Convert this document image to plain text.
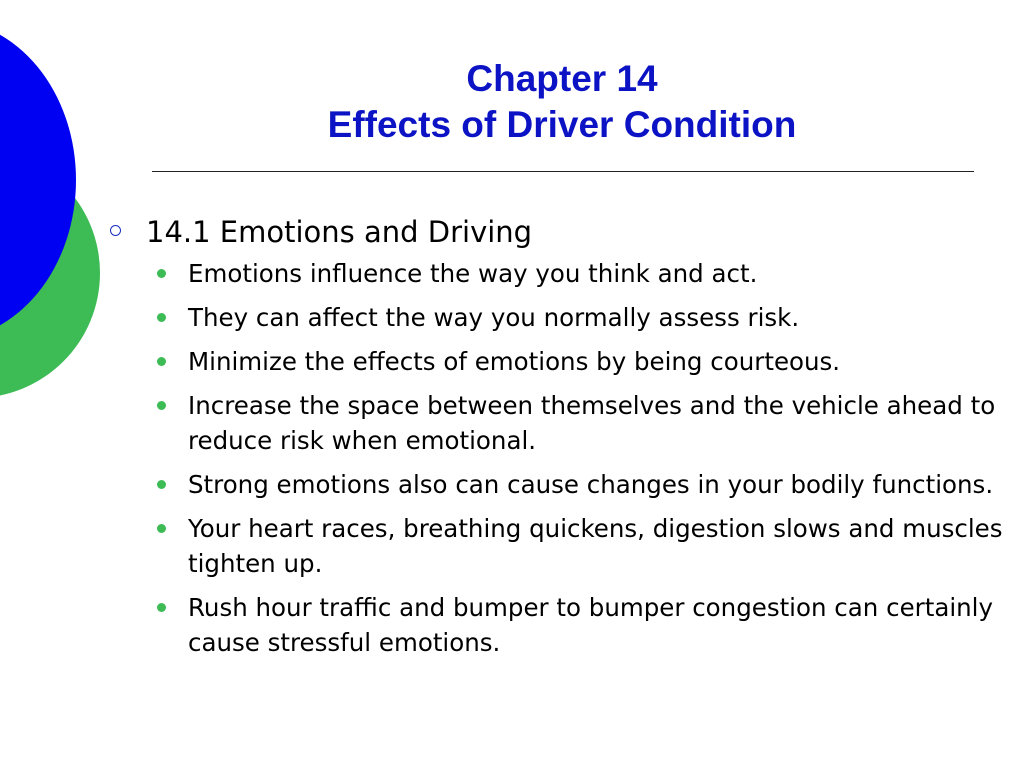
Chapter 14
Effects of Driver Condition
14.1 Emotions and Driving
Emotions influence the way you think and act.
They can affect the way you normally assess risk.
Minimize the effects of emotions by being courteous.
Increase the space between themselves and the vehicle ahead to reduce risk when emotional.
Strong emotions also can cause changes in your bodily functions.
Your heart races, breathing quickens, digestion slows and muscles tighten up.
Rush hour traffic and bumper to bumper congestion can certainly cause stressful emotions.
